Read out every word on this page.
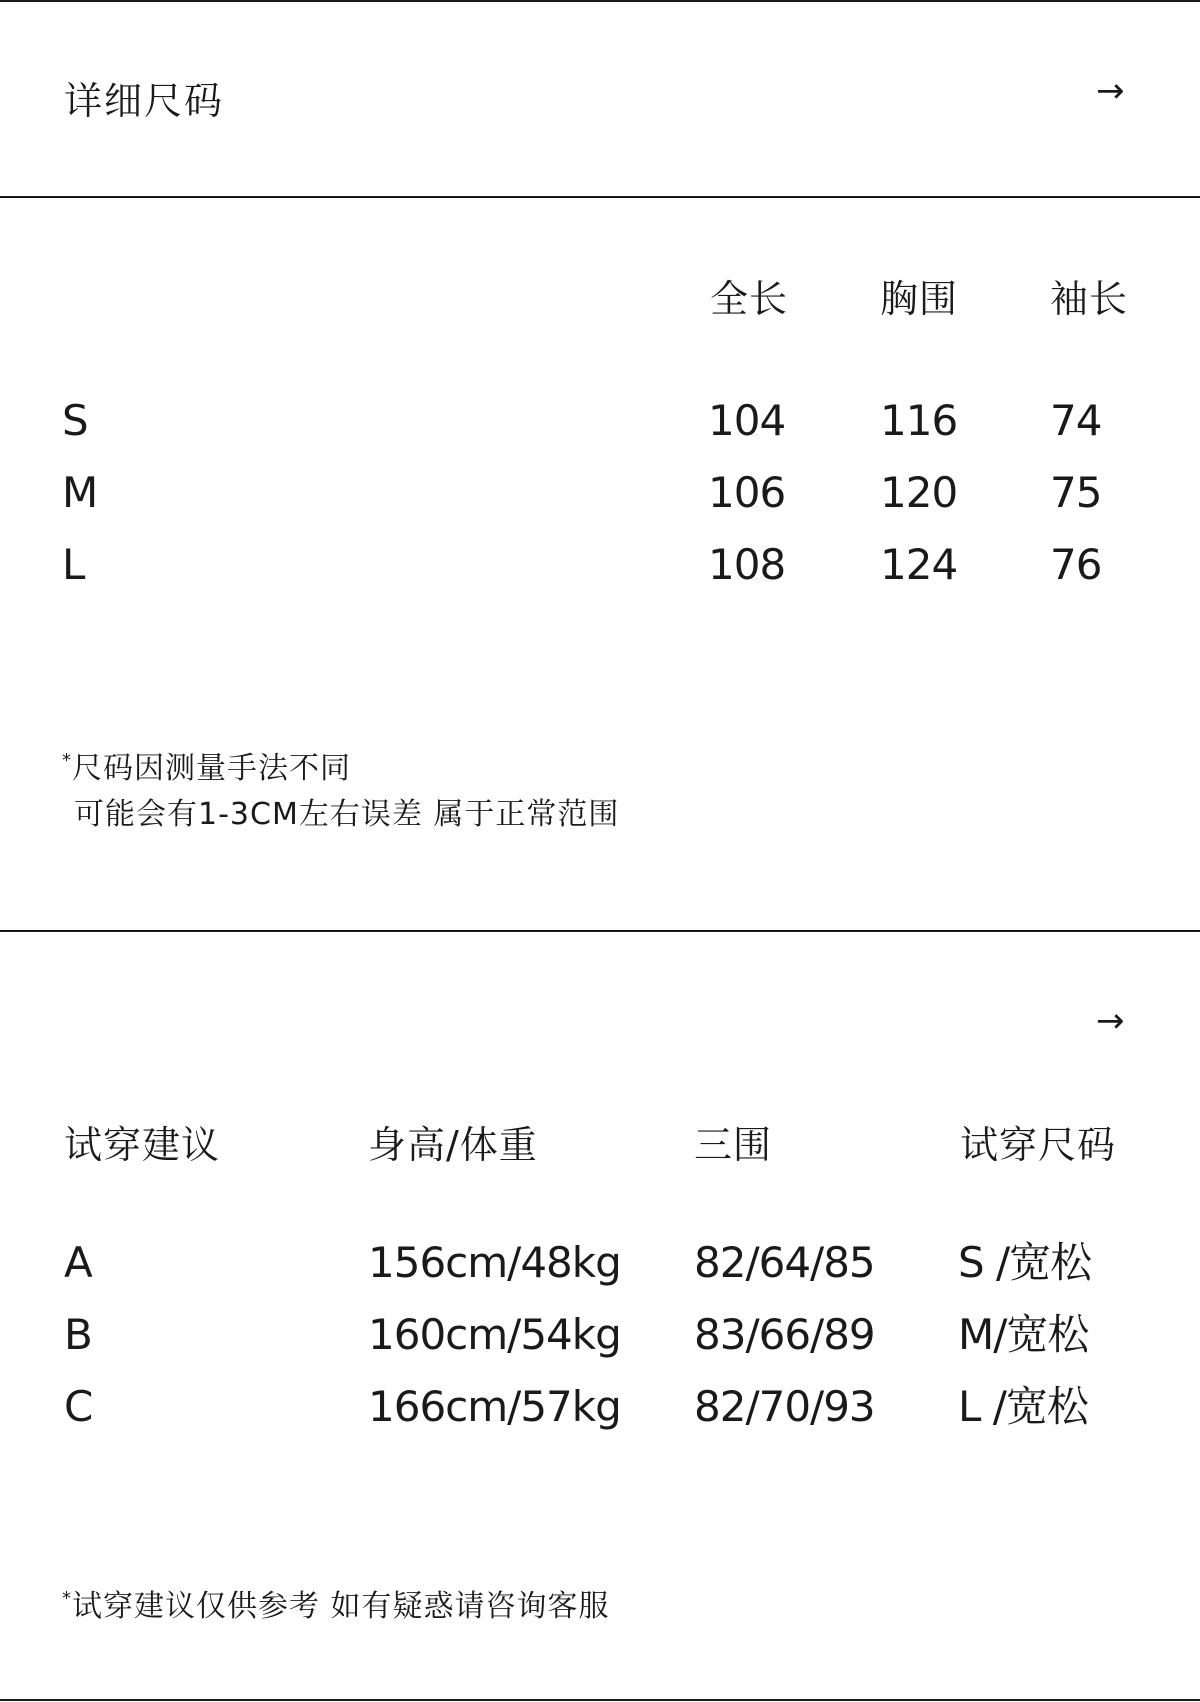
详细尺码	→
全长 胸围 袖长
S	104 116 74
M	106 120 75
L	108 124 76
*尺码因测量手法不同
可能会有1-3CM左右误差 属于正常范围
→
试穿建议	身高/体重	三围	试穿尺码
A	156cm/48kg 82/64/85 S /宽松
B	160cm/54kg 83/66/89 M/宽松
C	166cm/57kg 82/70/93 L /宽松
*试穿建议仅供参考 如有疑惑请咨询客服
